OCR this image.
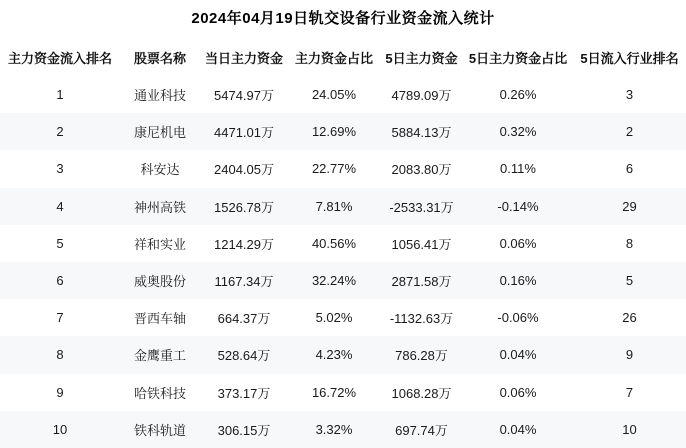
2024年04月19日轨交设备行业资金流入统计
主力资金流入排名	股票名称	当日主力资金	主力资金占比	5日主力资金	5日主力资金占比	5日流入行业排名
1	通业科技	5474.97万	24.05%	4789.09万	0.26%	3
2	康尼机电	4471.01万	12.69%	5884.13万	0.32%	2
3	科安达	2404.05万	22.77%	2083.80万	0.11%	6
4	神州高铁	1526.78万	7.81%	-2533.31万	-0.14%	29
5	祥和实业	1214.29万	40.56%	1056.41万	0.06%	8
6	威奥股份	1167.34万	32.24%	2871.58万	0.16%	5
7	晋西车轴	664.37万	5.02%	-1132.63万	-0.06%	26
8	金鹰重工	528.64万	4.23%	786.28万	0.04%	9
9	哈铁科技	373.17万	16.72%	1068.28万	0.06%	7
10	铁科轨道	306.15万	3.32%	697.74万	0.04%	10
